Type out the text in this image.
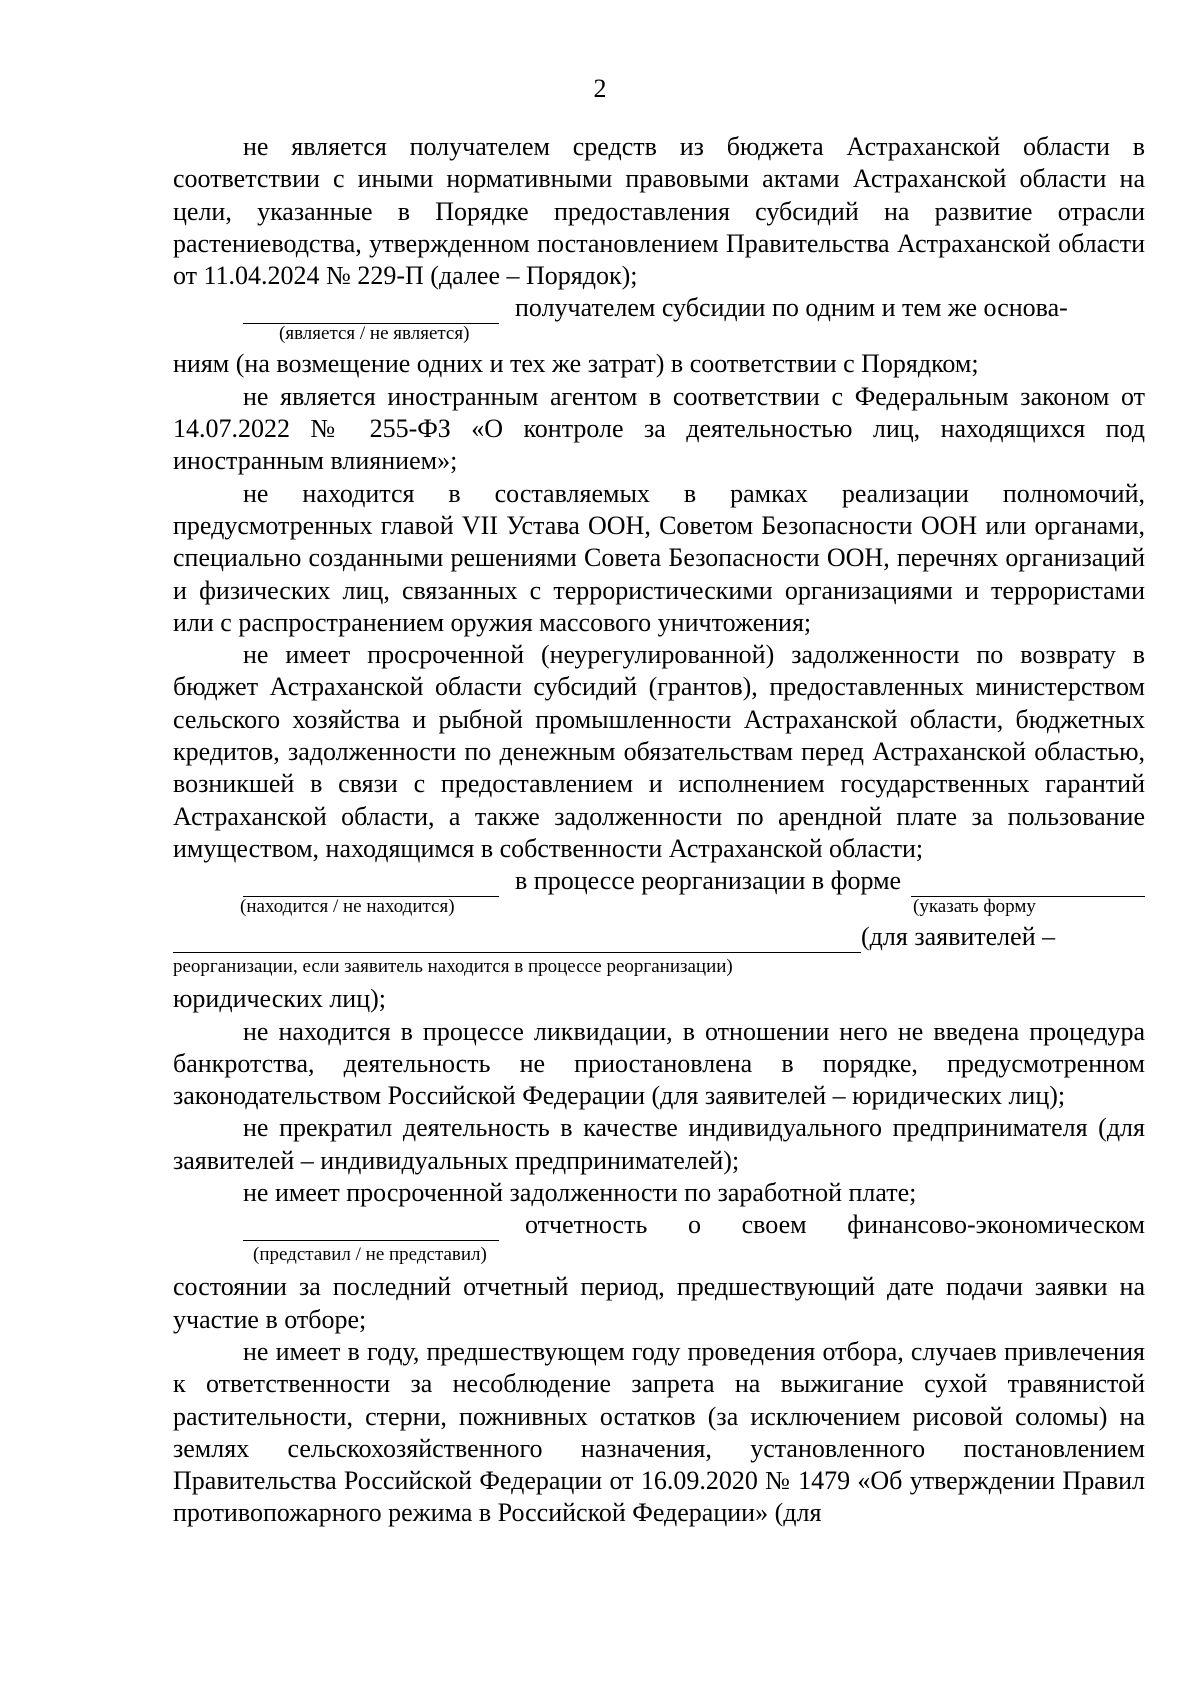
2

не является получателем средств из бюджета Астраханской области в соответствии с иными нормативными правовыми актами Астраханской области на цели, указанные в Порядке предоставления субсидий на развитие отрасли растениеводства, утвержденном постановлением Правительства Астраханской области от 11.04.2024 № 229-П (далее – Порядок);

получателем субсидии по одним и тем же основа-
(является / не является)

ниям (на возмещение одних и тех же затрат) в соответствии с Порядком;

не является иностранным агентом в соответствии с Федеральным законом от 14.07.2022 № 255-ФЗ «О контроле за деятельностью лиц, находящихся под иностранным влиянием»;

не находится в составляемых в рамках реализации полномочий, предусмотренных главой VII Устава ООН, Советом Безопасности ООН или органами, специально созданными решениями Совета Безопасности ООН, перечнях организаций и физических лиц, связанных с террористическими организациями и террористами или с распространением оружия массового уничтожения;

не имеет просроченной (неурегулированной) задолженности по возврату в бюджет Астраханской области субсидий (грантов), предоставленных министерством сельского хозяйства и рыбной промышленности Астраханской области, бюджетных кредитов, задолженности по денежным обязательствам перед Астраханской областью, возникшей в связи с предоставлением и исполнением государственных гарантий Астраханской области, а также задолженности по арендной плате за пользование имуществом, находящимся в собственности Астраханской области;

в процессе реорганизации в форме
(находится / не находится)	(указать форму
(для заявителей –
реорганизации, если заявитель находится в процессе реорганизации)

юридических лиц);

не находится в процессе ликвидации, в отношении него не введена процедура банкротства, деятельность не приостановлена в порядке, предусмотренном законодательством Российской Федерации (для заявителей – юридических лиц);

не прекратил деятельность в качестве индивидуального предпринимателя (для заявителей – индивидуальных предпринимателей);

не имеет просроченной задолженности по заработной плате;

отчетность о своем финансово-экономическом
(представил / не представил)

состоянии за последний отчетный период, предшествующий дате подачи заявки на участие в отборе;

не имеет в году, предшествующем году проведения отбора, случаев привлечения к ответственности за несоблюдение запрета на выжигание сухой травянистой растительности, стерни, пожнивных остатков (за исключением рисовой соломы) на землях сельскохозяйственного назначения, установленного постановлением Правительства Российской Федерации от 16.09.2020 № 1479 «Об утверждении Правил противопожарного режима в Российской Федерации» (для
